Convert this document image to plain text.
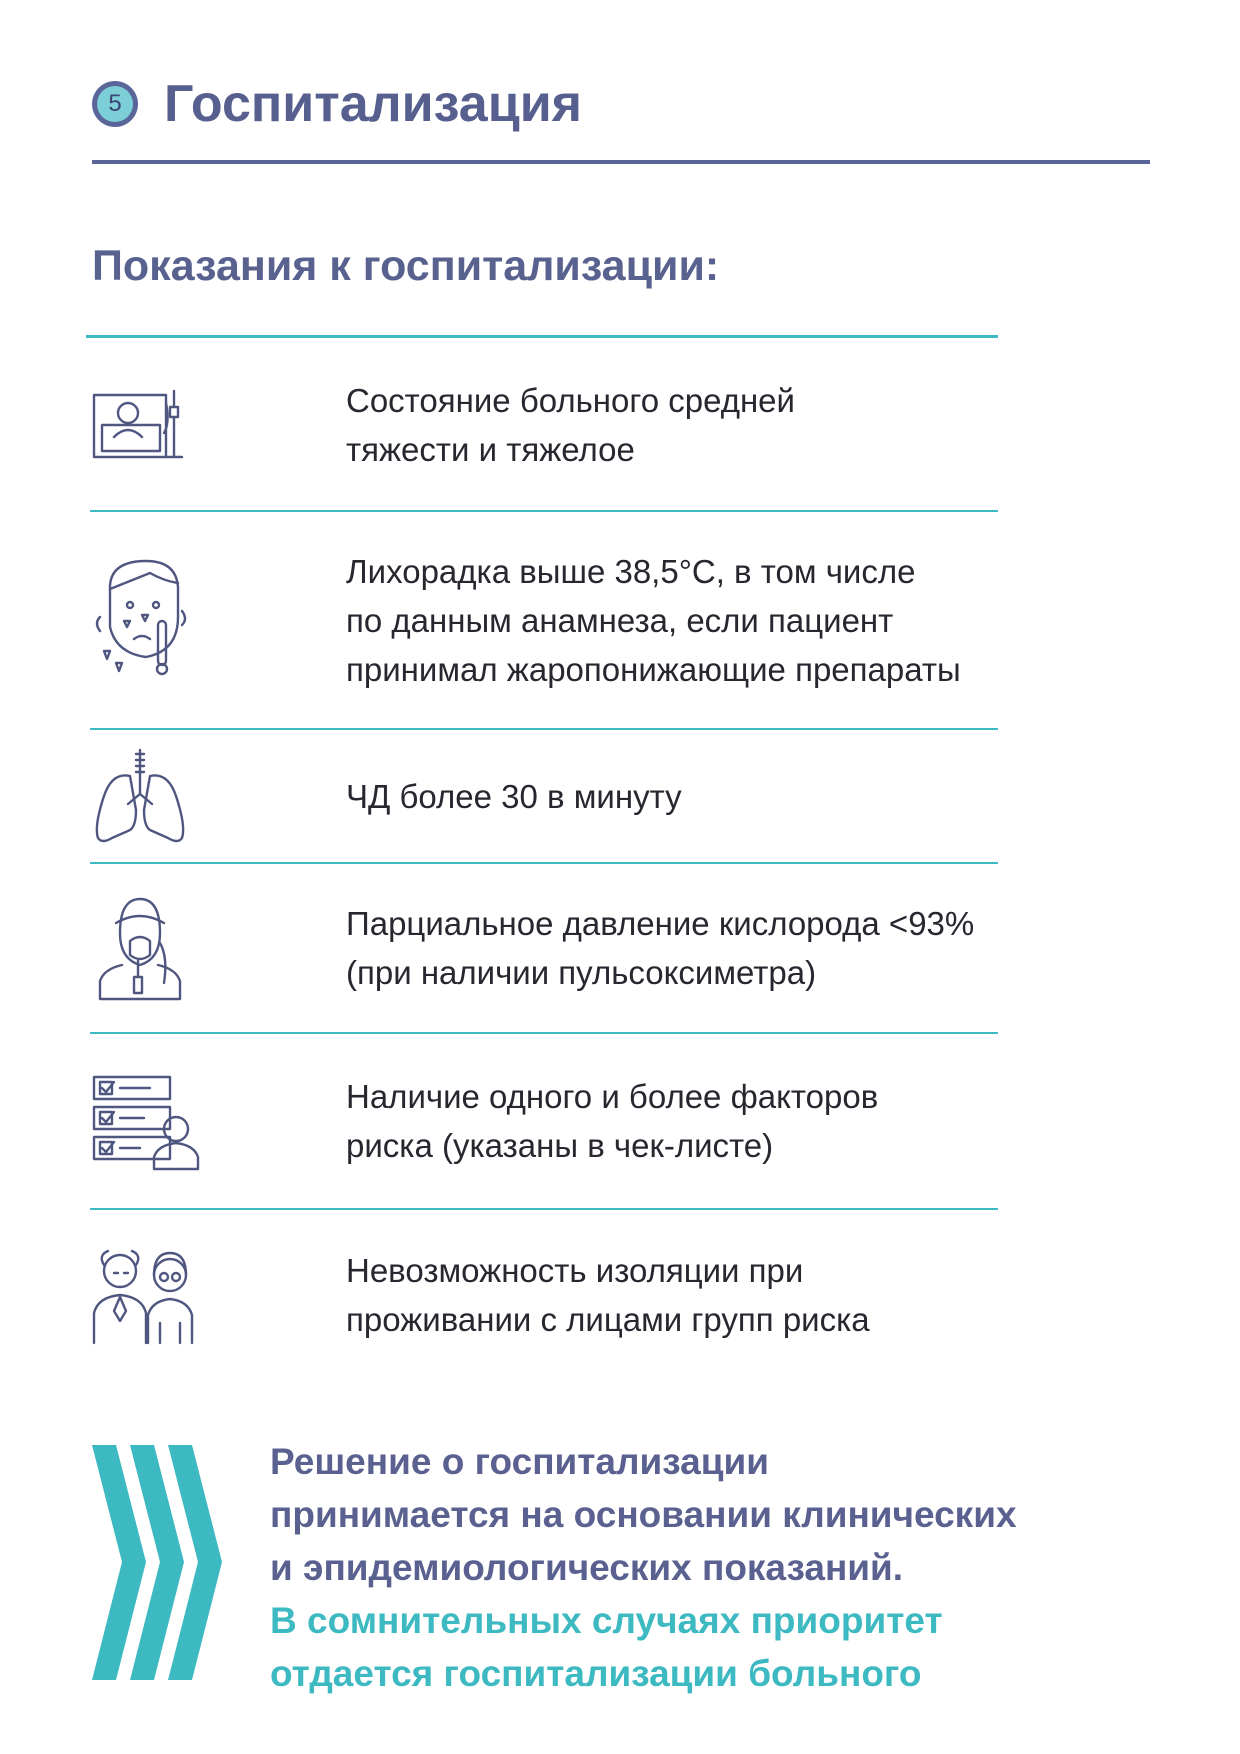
5 Госпитализация
Показания к госпитализации:
Состояние больного средней
тяжести и тяжелое
Лихорадка выше 38,5°С, в том числе
по данным анамнеза, если пациент
принимал жаропонижающие препараты
ЧД более 30 в минуту
Парциальное давление кислорода <93%
(при наличии пульсоксиметра)
Наличие одного и более факторов
риска (указаны в чек-листе)
Невозможность изоляции при
проживании с лицами групп риска
Решение о госпитализации
принимается на основании клинических
и эпидемиологических показаний.
В сомнительных случаях приоритет
отдается госпитализации больного
